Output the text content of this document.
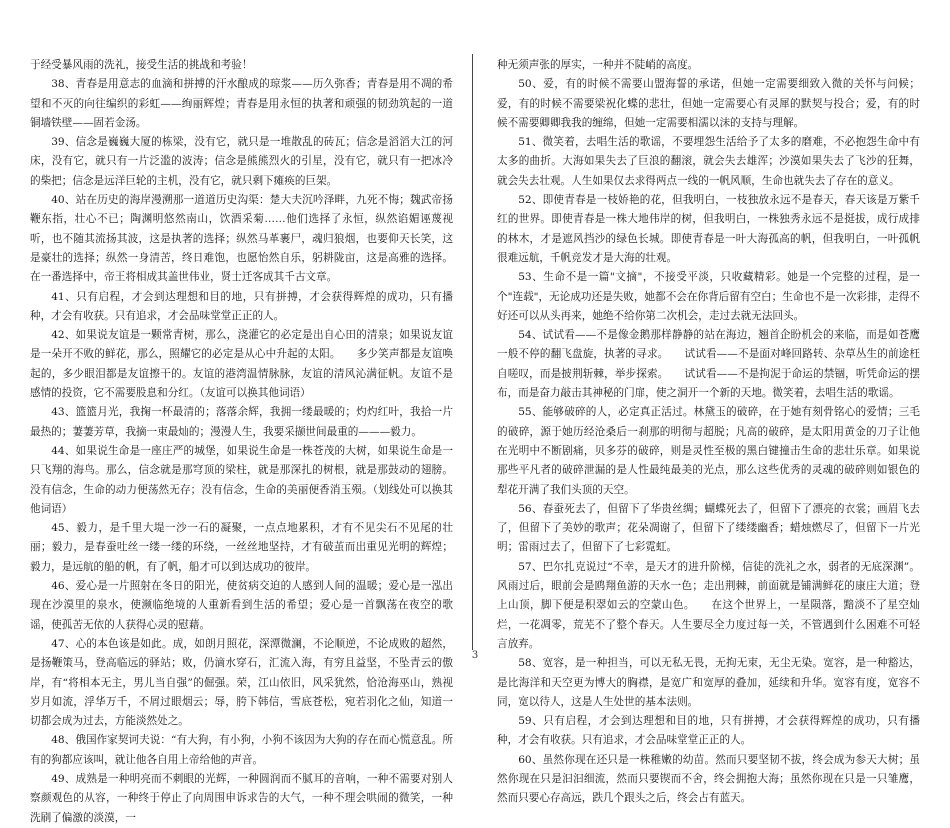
于经受暴风雨的洗礼，接受生活的挑战和考验！

38、青春是用意志的血滴和拼搏的汗水酿成的琼浆——历久弥香；青春是用不凋的希望和不灭的向往编织的彩虹——绚丽辉煌；青春是用永恒的执著和顽强的韧劲筑起的一道铜墙铁壁——固若金汤。

39、信念是巍巍大厦的栋梁，没有它，就只是一堆散乱的砖瓦；信念是滔滔大江的河床，没有它，就只有一片泛滥的波涛；信念是熊熊烈火的引星，没有它，就只有一把冰冷的柴把；信念是远洋巨轮的主机，没有它，就只剩下瘫痪的巨架。

40、站在历史的海岸漫溯那一道道历史沟渠：楚大夫沉吟泽畔，九死不悔；魏武帝扬鞭东指，壮心不已；陶渊明悠然南山，饮酒采菊……他们选择了永恒，纵然谄媚诬蔑视听，也不随其流扬其波，这是执著的选择；纵然马革裹尸，魂归狼烟，也要仰天长笑，这是豪壮的选择；纵然一身清苦，终日难饱，也愿怡然自乐，躬耕陇亩，这是高雅的选择。在一番选择中，帝王将相成其盖世伟业，贤士迁客成其千古文章。

41、只有启程，才会到达理想和目的地，只有拼搏，才会获得辉煌的成功，只有播种，才会有收获。只有追求，才会品味堂堂正正的人。

42、如果说友谊是一颗常青树，那么，浇灌它的必定是出自心田的清泉；如果说友谊是一朵开不败的鲜花，那么，照耀它的必定是从心中升起的太阳。　　多少笑声都是友谊唤起的，多少眼泪都是友谊擦干的。友谊的港湾温情脉脉，友谊的清风沁满征帆。友谊不是感情的投资，它不需要股息和分红。（友谊可以换其他词语）

43、篮篮月光，我掬一杯最清的；落落余辉，我拥一缕最暖的；灼灼红叶，我拾一片最热的；萋萋芳草，我摘一束最灿的；漫漫人生，我要采撷世间最重的———毅力。

44、如果说生命是一座庄严的城堡，如果说生命是一株苍茂的大树，如果说生命是一只飞翔的海鸟。那么，信念就是那穹顶的梁柱，就是那深扎的树根，就是那鼓动的翅膀。没有信念，生命的动力便荡然无存；没有信念，生命的美丽便香消玉殒。（划线处可以换其他词语）

45、毅力，是千里大堤一沙一石的凝聚，一点点地累积，才有不见尖石不见尾的壮丽；毅力，是春蚕吐丝一缕一缕的环绕，一丝丝地坚持，才有破茧而出重见光明的辉煌；毅力，是远航的船的帆，有了帆，船才可以到达成功的彼岸。

46、爱心是一片照射在冬日的阳光，使贫病交迫的人感到人间的温暖；爱心是一泓出现在沙漠里的泉水，使濒临绝境的人重新看到生活的希望；爱心是一首飘荡在夜空的歌谣，使孤苦无依的人获得心灵的慰藉。

47、心的本色该是如此。成，如朗月照花，深潭微澜，不论顺逆，不论成败的超然，是扬鞭策马，登高临远的驿站；败，仍滴水穿石，汇流入海，有穷且益坚，不坠青云的傲岸，有“将相本无主，男儿当自强”的倔强。荣，江山依旧，风采犹然，恰沧海巫山，熟视岁月如流，浮华万千，不屑过眼烟云；辱，胯下韩信，雪底苍松，宛若羽化之仙，知道一切都会成为过去，方能淡然处之。

48、俄国作家契诃夫说：“有大狗，有小狗，小狗不该因为大狗的存在而心慌意乱。所有的狗都应该叫，就让他各自用上帝给他的声音。

49、成熟是一种明亮而不刺眼的光辉，一种圆润而不腻耳的音响，一种不需要对别人察颜观色的从容，一种终于停止了向周围申诉求告的大气，一种不理会哄闹的微笑，一种洗刷了偏激的淡漠，一

种无须声张的厚实，一种并不陡峭的高度。

50、爱，有的时候不需要山盟海誓的承诺，但她一定需要细致入微的关怀与问候；爱，有的时候不需要梁祝化蝶的悲壮，但她一定需要心有灵犀的默契与投合；爱，有的时候不需要卿卿我我的缠绵，但她一定需要相濡以沫的支持与理解。

51、微笑着，去唱生活的歌谣，不要埋怨生活给予了太多的磨难，不必抱怨生命中有太多的曲折。大海如果失去了巨浪的翻滚，就会失去雄浑；沙漠如果失去了飞沙的狂舞，就会失去壮观。人生如果仅去求得两点一线的一帆风顺，生命也就失去了存在的意义。

52、即使青春是一枝娇艳的花，但我明白，一枝独放永远不是春天，春天该是万紫千红的世界。即使青春是一株大地伟岸的树，但我明白，一株独秀永远不是挺拔，成行成排的林木，才是遮风挡沙的绿色长城。即使青春是一叶大海孤高的帆，但我明白，一叶孤帆很难远航，千帆竞发才是大海的壮观。

53、生命不是一篇"文摘"，不接受平淡，只收藏精彩。她是一个完整的过程，是一个"连载"，无论成功还是失败，她都不会在你背后留有空白；生命也不是一次彩排，走得不好还可以从头再来，她绝不给你第二次机会，走过去就无法回头。

54、试试看——不是像金鹅那样静静的站在海边，翘首企盼机会的来临，而是如苍鹰一般不停的翻飞盘旋，执著的寻求。　　试试看——不是面对峰回路转、杂草丛生的前途枉自嗟叹，而是披荆斩棘，举步探索。　　试试看——不是拘泥于命运的禁锢，听凭命运的摆布，而是奋力敲击其神秘的门扉，使之洞开一个新的天地。微笑着，去唱生活的歌谣。

55、能够破碎的人，必定真正活过。林黛玉的破碎，在于她有刻骨铭心的爱情；三毛的破碎，源于她历经沧桑后一刹那的明彻与超脱；凡高的破碎，是太阳用黄金的刀子让他在光明中不断剧痛，贝多芬的破碎，则是灵性至极的黑白键撞击生命的悲壮乐章。如果说那些平凡者的破碎泄漏的是人性最纯最美的光点，那么这些优秀的灵魂的破碎则如银色的犁花开满了我们头顶的天空。

56、春蚕死去了，但留下了华贵丝绸；蝴蝶死去了，但留下了漂亮的衣裳；画眉飞去了，但留下了美妙的歌声；花朵凋谢了，但留下了缕缕幽香；蜡烛燃尽了，但留下一片光明；雷雨过去了，但留下了七彩霓虹。

57、巴尔扎克说过“不幸，是天才的进升阶梯，信徒的洗礼之水，弱者的无底深渊”。风雨过后，眼前会是鸥翔鱼游的天水一色；走出荆棘，前面就是铺满鲜花的康庄大道；登上山顶，脚下便是积翠如云的空蒙山色。　　在这个世界上，一星陨落，黯淡不了星空灿烂，一花凋零，荒芜不了整个春天。人生要尽全力度过每一关，不管遇到什么困难不可轻言放弃。

58、宽容，是一种担当，可以无私无畏，无拘无束，无尘无染。宽容，是一种豁达，是比海洋和天空更为博大的胸襟，是宽广和宽厚的叠加，延续和升华。宽容有度，宽容不同，宽以待人，这是人生处世的基本法则。

59、只有启程，才会到达理想和目的地，只有拼搏，才会获得辉煌的成功，只有播种，才会有收获。只有追求，才会品味堂堂正正的人。

60、虽然你现在还只是一株稚嫩的幼苗。然而只要坚韧不拔，终会成为参天大树；虽然你现在只是汩汩细流，然而只要锲而不舍，终会拥抱大海；虽然你现在只是一只雏鹰，然而只要心存高远，跌几个跟头之后，终会占有蓝天。

3
